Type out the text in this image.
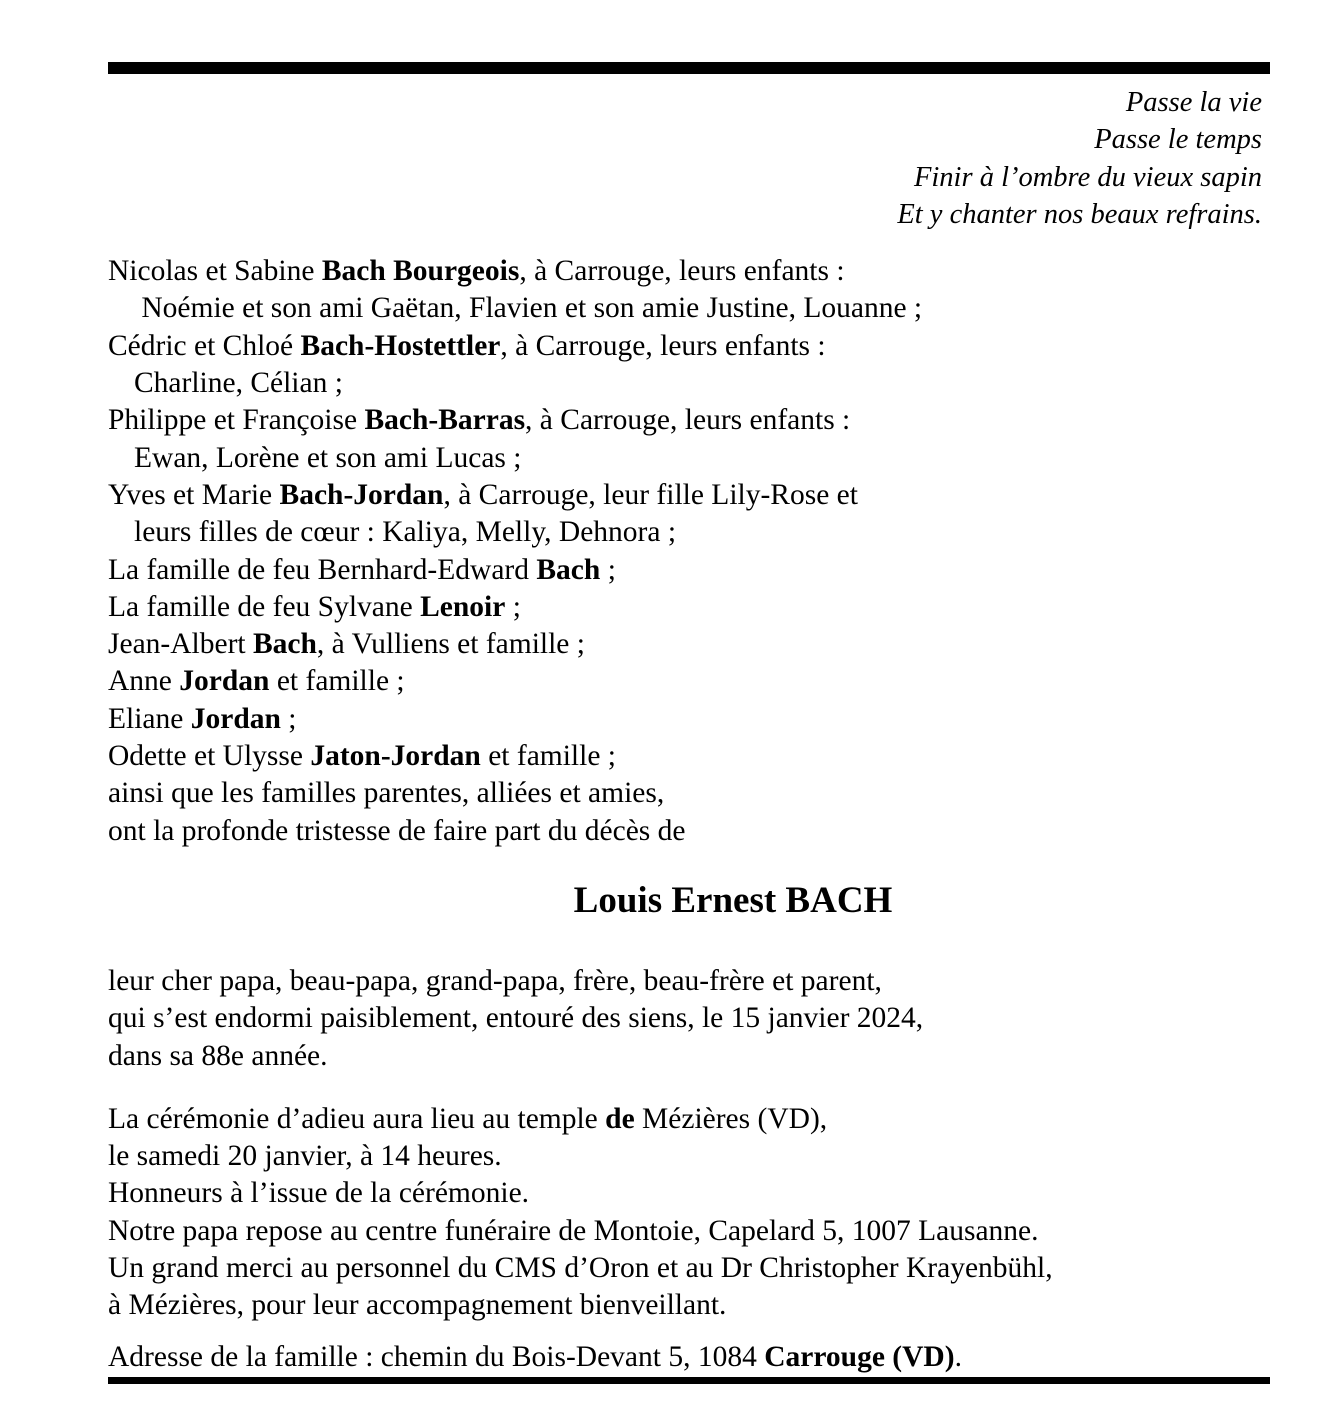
Passe la vie
Passe le temps
Finir à l’ombre du vieux sapin
Et y chanter nos beaux refrains.
Nicolas et Sabine Bach Bourgeois, à Carrouge, leurs enfants :
Noémie et son ami Gaëtan, Flavien et son amie Justine, Louanne ;
Cédric et Chloé Bach-Hostettler, à Carrouge, leurs enfants :
Charline, Célian ;
Philippe et Françoise Bach-Barras, à Carrouge, leurs enfants :
Ewan, Lorène et son ami Lucas ;
Yves et Marie Bach-Jordan, à Carrouge, leur fille Lily-Rose et
leurs filles de cœur : Kaliya, Melly, Dehnora ;
La famille de feu Bernhard-Edward Bach ;
La famille de feu Sylvane Lenoir ;
Jean-Albert Bach, à Vulliens et famille ;
Anne Jordan et famille ;
Eliane Jordan ;
Odette et Ulysse Jaton-Jordan et famille ;
ainsi que les familles parentes, alliées et amies,
ont la profonde tristesse de faire part du décès de
Louis Ernest BACH
leur cher papa, beau-papa, grand-papa, frère, beau-frère et parent,
qui s’est endormi paisiblement, entouré des siens, le 15 janvier 2024,
dans sa 88e année.
La cérémonie d’adieu aura lieu au temple de Mézières (VD),
le samedi 20 janvier, à 14 heures.
Honneurs à l’issue de la cérémonie.
Notre papa repose au centre funéraire de Montoie, Capelard 5, 1007 Lausanne.
Un grand merci au personnel du CMS d’Oron et au Dr Christopher Krayenbühl,
à Mézières, pour leur accompagnement bienveillant.
Adresse de la famille : chemin du Bois-Devant 5, 1084 Carrouge (VD).
